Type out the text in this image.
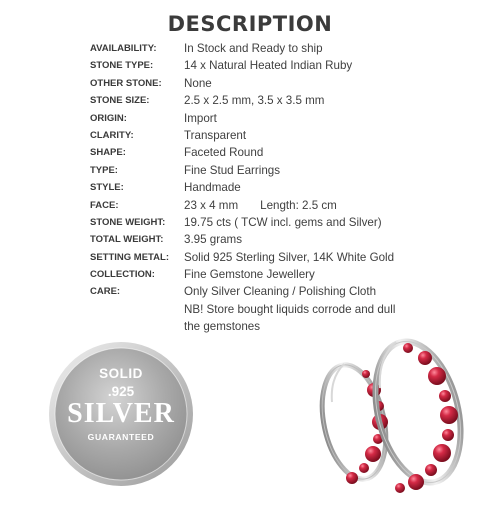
DESCRIPTION
AVAILABILITY: In Stock and Ready to ship
STONE TYPE:	14 x Natural Heated Indian Ruby
OTHER STONE: None
STONE SIZE:	2.5 x 2.5 mm, 3.5 x 3.5 mm
ORIGIN:	Import
CLARITY:	Transparent
SHAPE:	Faceted Round
TYPE:	Fine Stud Earrings
STYLE:	Handmade
FACE:	23 x 4 mm Length: 2.5 cm
STONE WEIGHT: 19.75 cts ( TCW incl. gems and Silver)
TOTAL WEIGHT: 3.95 grams
SETTING METAL: Solid 925 Sterling Silver, 14K White Gold
COLLECTION:	Fine Gemstone Jewellery
CARE:	Only Silver Cleaning / Polishing Cloth
NB! Store bought liquids corrode and dull
the gemstones
SOLID
.925
SILVER
GUARANTEED
